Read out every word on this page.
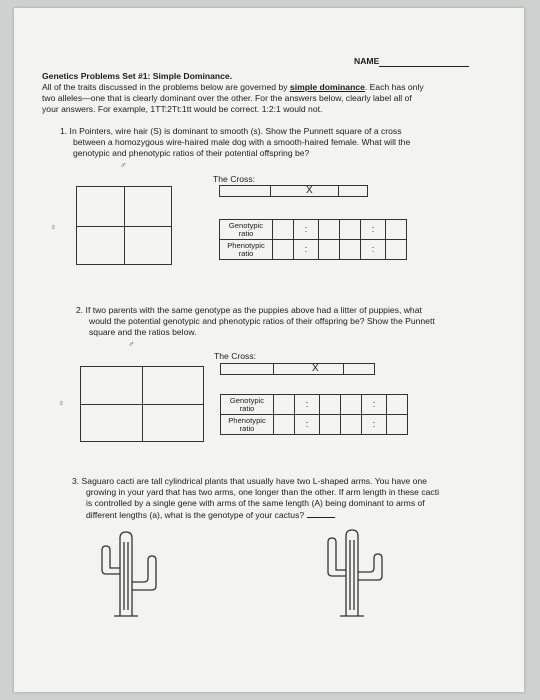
NAME
Genetics Problems Set #1: Simple Dominance.
All of the traits discussed in the problems below are governed by simple dominance. Each has only
two alleles—one that is clearly dominant over the other. For the answers below, clearly label all of
your answers. For example, 1TT:2Tt:1tt would be correct. 1:2:1 would not.
1. In Pointers, wire hair (S) is dominant to smooth (s). Show the Punnett square of a cross
between a homozygous wire-haired male dog with a smooth-haired female. What will the
genotypic and phenotypic ratios of their potential offspring be?
♂
♀
The Cross:
X
Genotypic
ratio		:			:	
Phenotypic
ratio		:			:	
2. If two parents with the same genotype as the puppies above had a litter of puppies, what
would the potential genotypic and phenotypic ratios of their offspring be? Show the Punnett
square and the ratios below.
♂
♀
The Cross:
X
Genotypic
ratio		:			:	
Phenotypic
ratio		:			:	
3. Saguaro cacti are tall cylindrical plants that usually have two L-shaped arms. You have one
growing in your yard that has two arms, one longer than the other. If arm length in these cacti
is controlled by a single gene with arms of the same length (A) being dominant to arms of
different lengths (a), what is the genotype of your cactus?
